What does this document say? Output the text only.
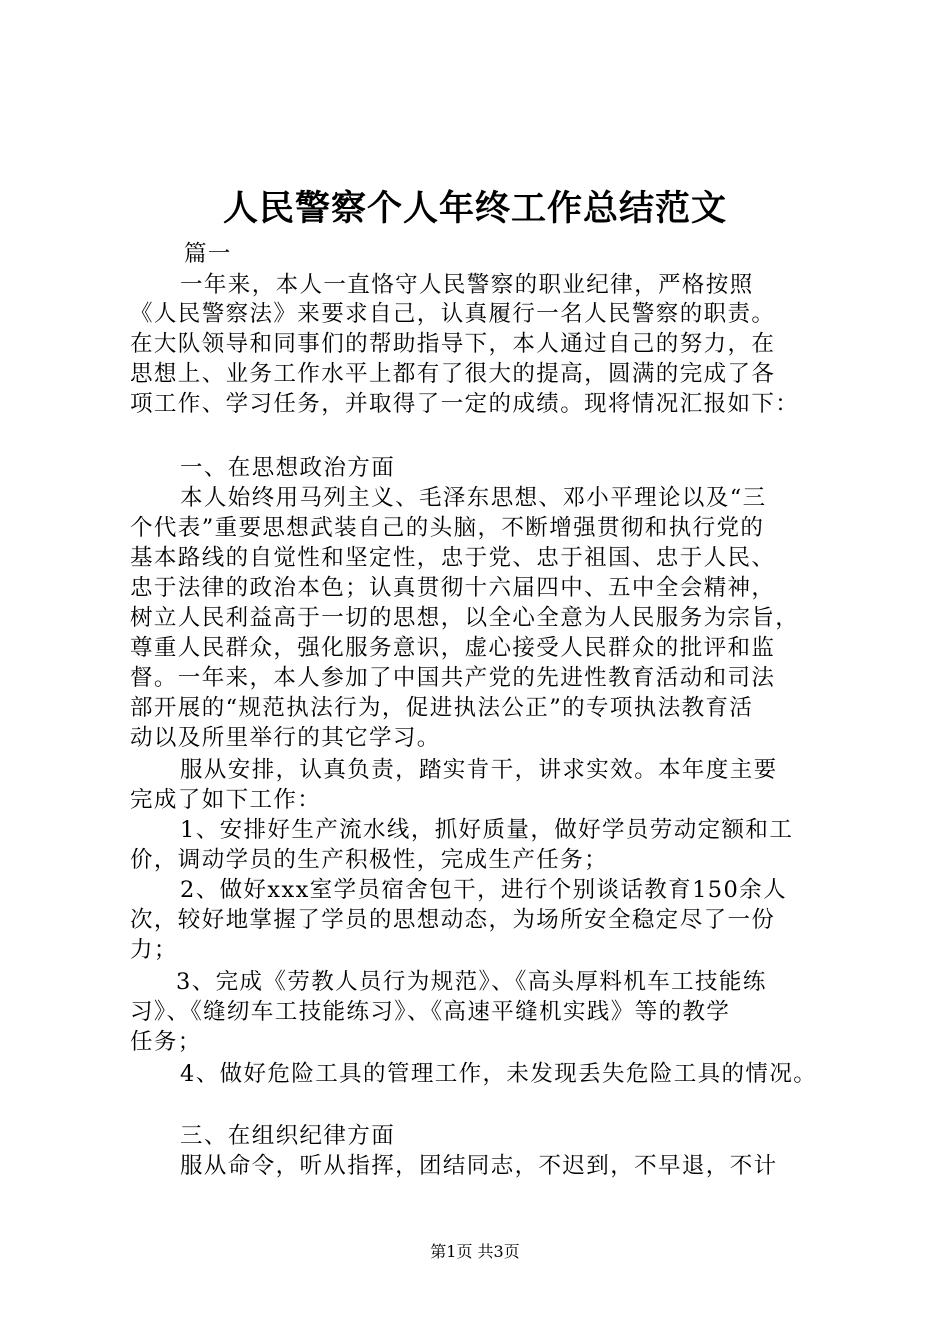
人民警察个人年终工作总结范文

篇一

一年来，本人一直恪守人民警察的职业纪律，严格按照

《人民警察法》来要求自己，认真履行一名人民警察的职责。

在大队领导和同事们的帮助指导下，本人通过自己的努力，在

思想上、业务工作水平上都有了很大的提高，圆满的完成了各

项工作、学习任务，并取得了一定的成绩。现将情况汇报如下：

一、在思想政治方面

本人始终用马列主义、毛泽东思想、邓小平理论以及“三

个代表”重要思想武装自己的头脑，不断增强贯彻和执行党的

基本路线的自觉性和坚定性，忠于党、忠于祖国、忠于人民、

忠于法律的政治本色；认真贯彻十六届四中、五中全会精神，

树立人民利益高于一切的思想，以全心全意为人民服务为宗旨，

尊重人民群众，强化服务意识，虚心接受人民群众的批评和监

督。一年来，本人参加了中国共产党的先进性教育活动和司法

部开展的“规范执法行为，促进执法公正”的专项执法教育活

动以及所里举行的其它学习。

服从安排，认真负责，踏实肯干，讲求实效。本年度主要

完成了如下工作：

1、安排好生产流水线，抓好质量，做好学员劳动定额和工

价，调动学员的生产积极性，完成生产任务；

2、做好xxx室学员宿舍包干，进行个别谈话教育150余人

次，较好地掌握了学员的思想动态，为场所安全稳定尽了一份

力；

3、完成《劳教人员行为规范》、《高头厚料机车工技能练

习》、《缝纫车工技能练习》、《高速平缝机实践》等的教学

任务；

4、做好危险工具的管理工作，未发现丢失危险工具的情况。

三、在组织纪律方面

服从命令，听从指挥，团结同志，不迟到，不早退，不计

第1页 共3页
